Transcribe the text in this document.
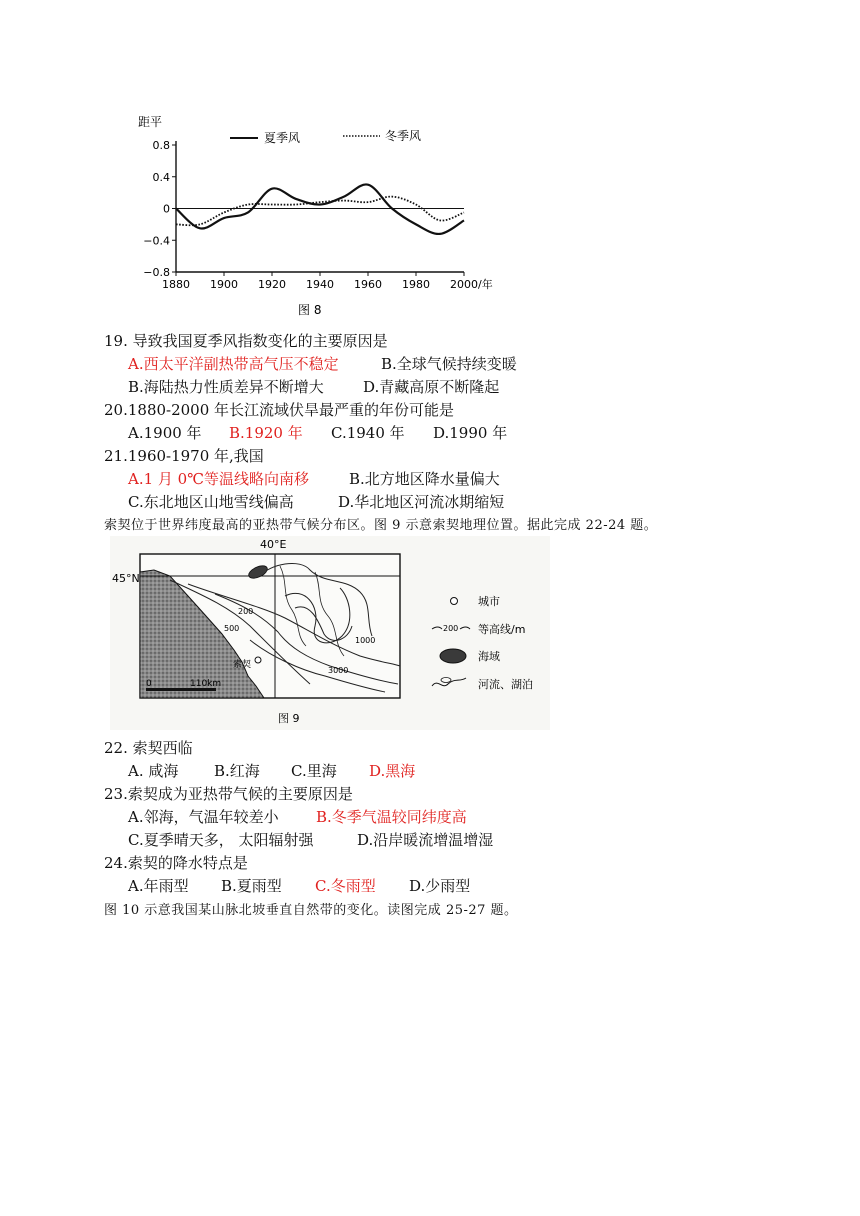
距平
夏季风	冬季风
0.8
0.4
0
−0.4
−0.8
1880 1900 1920 1940 1960 1980 2000 /年
图 8
19. 导致我国夏季风指数变化的主要原因是
A.西太平洋副热带高气压不稳定	B.全球气候持续变暖
B.海陆热力性质差异不断增大	D.青藏高原不断隆起
20.1880-2000 年长江流域伏旱最严重的年份可能是
A.1900 年 B.1920 年 C.1940 年 D.1990 年
21.1960-1970 年,我国
A.1 月 0℃等温线略向南移	B.北方地区降水量偏大
C.东北地区山地雪线偏高	D.华北地区河流冰期缩短
索契位于世界纬度最高的亚热带气候分布区。图 9 示意索契地理位置。据此完成 22-24 题。
40°E
45°N
200
500
1000
3000
索契
0	110km
城市
200 等高线/m
海域
河流、湖泊
图 9
22. 索契西临
A. 咸海 B.红海 C.里海 D.黑海
23.索契成为亚热带气候的主要原因是
A.邻海，气温年较差小 B.冬季气温较同纬度高
C.夏季晴天多， 太阳辐射强	D.沿岸暖流增温增湿
24.索契的降水特点是
A.年雨型 B.夏雨型 C.冬雨型 D.少雨型
图 10 示意我国某山脉北坡垂直自然带的变化。读图完成 25-27 题。
